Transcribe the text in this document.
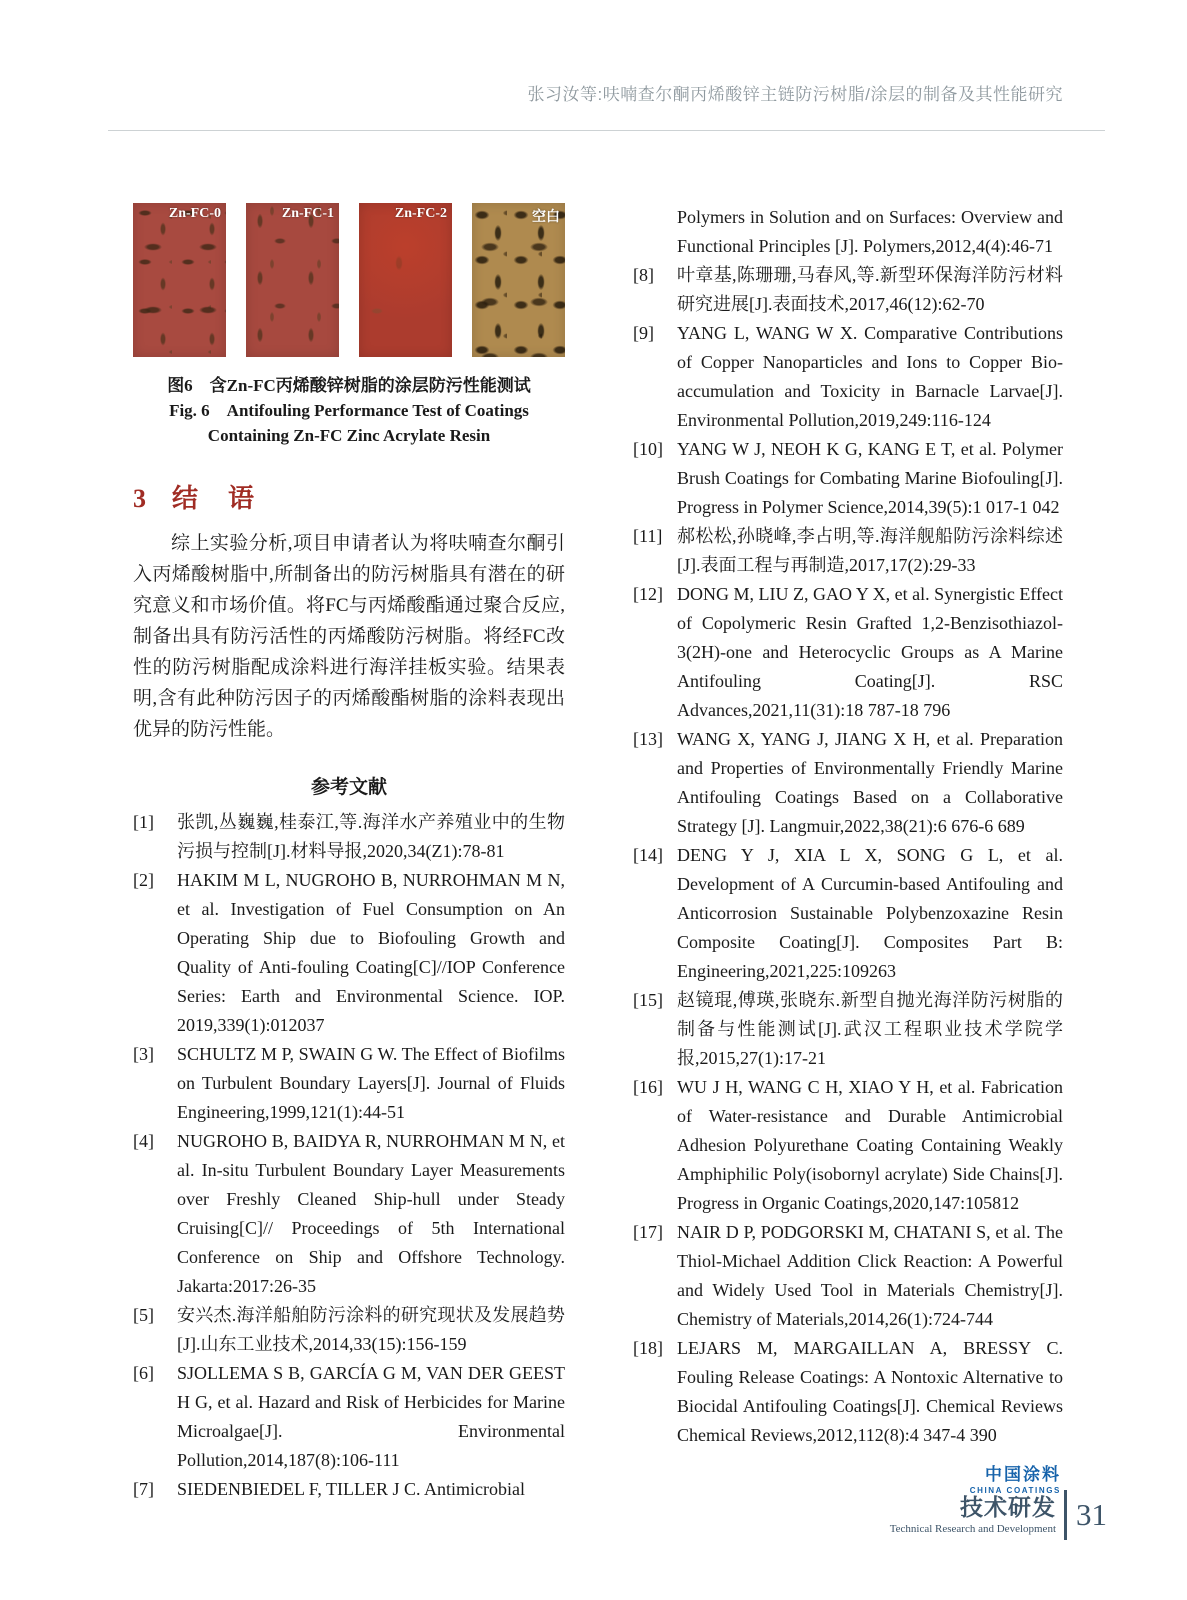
张习汝等:呋喃查尔酮丙烯酸锌主链防污树脂/涂层的制备及其性能研究
Zn-FC-0	Zn-FC-1	Zn-FC-2	空白
图6　含Zn-FC丙烯酸锌树脂的涂层防污性能测试
Fig. 6　Antifouling Performance Test of Coatings
Containing Zn-FC Zinc Acrylate Resin
3 结　语
综上实验分析,项目申请者认为将呋喃查尔酮引入丙烯酸树脂中,所制备出的防污树脂具有潜在的研究意义和市场价值。将FC与丙烯酸酯通过聚合反应,制备出具有防污活性的丙烯酸防污树脂。将经FC改性的防污树脂配成涂料进行海洋挂板实验。结果表明,含有此种防污因子的丙烯酸酯树脂的涂料表现出优异的防污性能。
参考文献
[1]	张凯,丛巍巍,桂泰江,等.海洋水产养殖业中的生物污损与控制[J].材料导报,2020,34(Z1):78-81
[2]	HAKIM M L, NUGROHO B, NURROHMAN M N, et al. Investigation of Fuel Consumption on An Operating Ship due to Biofouling Growth and Quality of Anti-fouling Coating[C]//IOP Conference Series: Earth and Environmental Science. IOP. 2019,339(1):012037
[3]	SCHULTZ M P, SWAIN G W. The Effect of Biofilms on Turbulent Boundary Layers[J]. Journal of Fluids Engineering,1999,121(1):44-51
[4]	NUGROHO B, BAIDYA R, NURROHMAN M N, et al. In-situ Turbulent Boundary Layer Measurements over Freshly Cleaned Ship-hull under Steady Cruising[C]// Proceedings of 5th International Conference on Ship and Offshore Technology. Jakarta:2017:26-35
[5]	安兴杰.海洋船舶防污涂料的研究现状及发展趋势[J].山东工业技术,2014,33(15):156-159
[6]	SJOLLEMA S B, GARCÍA G M, VAN DER GEEST H G, et al. Hazard and Risk of Herbicides for Marine Microalgae[J]. Environmental Pollution,2014,187(8):106-111
[7]	SIEDENBIEDEL F, TILLER J C. Antimicrobial
Polymers in Solution and on Surfaces: Overview and Functional Principles [J]. Polymers,2012,4(4):46-71
[8]	叶章基,陈珊珊,马春风,等.新型环保海洋防污材料研究进展[J].表面技术,2017,46(12):62-70
[9]	YANG L, WANG W X. Comparative Contributions of Copper Nanoparticles and Ions to Copper Bio-accumulation and Toxicity in Barnacle Larvae[J]. Environmental Pollution,2019,249:116-124
[10] YANG W J, NEOH K G, KANG E T, et al. Polymer Brush Coatings for Combating Marine Biofouling[J]. Progress in Polymer Science,2014,39(5):1 017-1 042
[11] 郝松松,孙晓峰,李占明,等.海洋舰船防污涂料综述[J].表面工程与再制造,2017,17(2):29-33
[12] DONG M, LIU Z, GAO Y X, et al. Synergistic Effect of Copolymeric Resin Grafted 1,2-Benzisothiazol-3(2H)-one and Heterocyclic Groups as A Marine Antifouling Coating[J]. RSC Advances,2021,11(31):18 787-18 796
[13] WANG X, YANG J, JIANG X H, et al. Preparation and Properties of Environmentally Friendly Marine Antifouling Coatings Based on a Collaborative Strategy [J]. Langmuir,2022,38(21):6 676-6 689
[14] DENG Y J, XIA L X, SONG G L, et al. Development of A Curcumin-based Antifouling and Anticorrosion Sustainable Polybenzoxazine Resin Composite Coating[J]. Composites Part B: Engineering,2021,225:109263
[15] 赵镜琨,傅瑛,张晓东.新型自抛光海洋防污树脂的制备与性能测试[J].武汉工程职业技术学院学报,2015,27(1):17-21
[16] WU J H, WANG C H, XIAO Y H, et al. Fabrication of Water-resistance and Durable Antimicrobial Adhesion Polyurethane Coating Containing Weakly Amphiphilic Poly(isobornyl acrylate) Side Chains[J]. Progress in Organic Coatings,2020,147:105812
[17] NAIR D P, PODGORSKI M, CHATANI S, et al. The Thiol-Michael Addition Click Reaction: A Powerful and Widely Used Tool in Materials Chemistry[J]. Chemistry of Materials,2014,26(1):724-744
[18] LEJARS M, MARGAILLAN A, BRESSY C. Fouling Release Coatings: A Nontoxic Alternative to Biocidal Antifouling Coatings[J]. Chemical Reviews Chemical Reviews,2012,112(8):4 347-4 390
中国涂料
CHINA COATINGS
技术研发
Technical Research and Development 31
